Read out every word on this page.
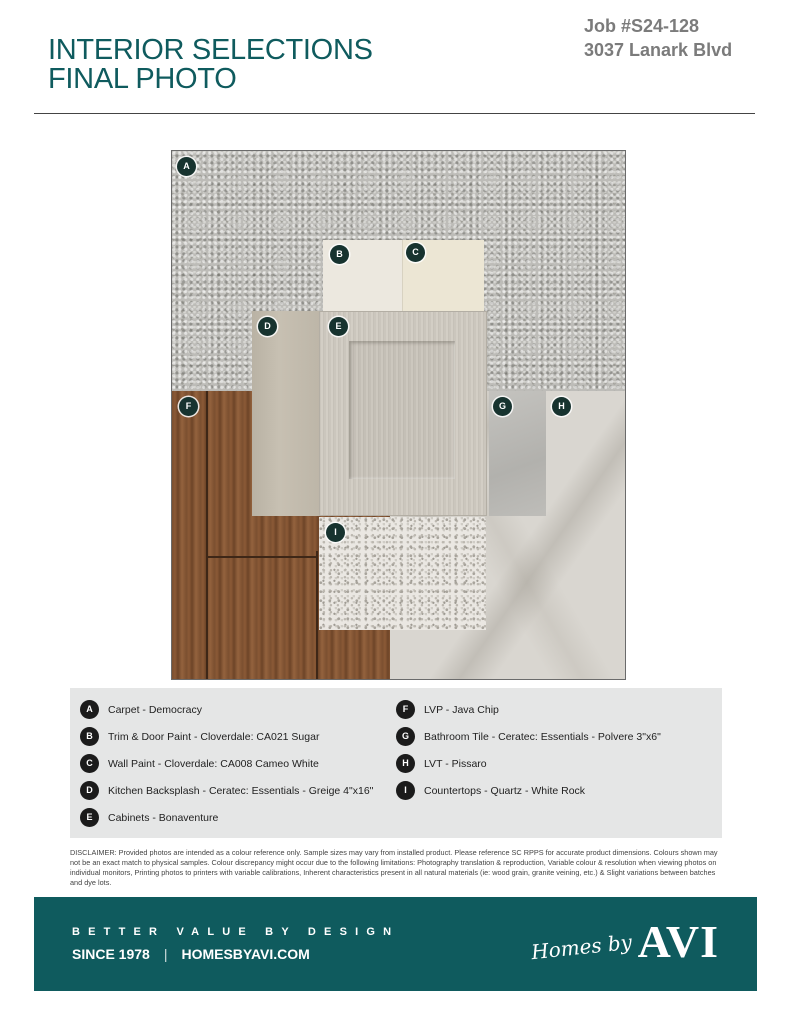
INTERIOR SELECTIONS
FINAL PHOTO
Job #S24-128
3037 Lanark Blvd
A
B	C
D	E
F	G	H
I
A	Carpet - Democracy
B	Trim & Door Paint - Cloverdale: CA021 Sugar
C	Wall Paint - Cloverdale: CA008 Cameo White
D	Kitchen Backsplash - Ceratec: Essentials - Greige 4"x16"
E	Cabinets - Bonaventure
F	LVP - Java Chip
G	Bathroom Tile - Ceratec: Essentials - Polvere 3"x6"
H	LVT - Pissaro
I	Countertops - Quartz - White Rock

DISCLAIMER: Provided photos are intended as a colour reference only. Sample sizes may vary from installed product. Please reference SC RPPS for accurate product dimensions. Colours shown may not be an exact match to physical samples. Colour discrepancy might occur due to the following limitations: Photography translation & reproduction, Variable colour & resolution when viewing photos on individual monitors, Printing photos to printers with variable calibrations, Inherent characteristics present in all natural materials (ie: wood grain, granite veining, etc.) & Slight variations between batches and dye lots.

BETTER VALUE BY DESIGN
SINCE 1978 | HOMESBYAVI.COM	Homes by AVI
